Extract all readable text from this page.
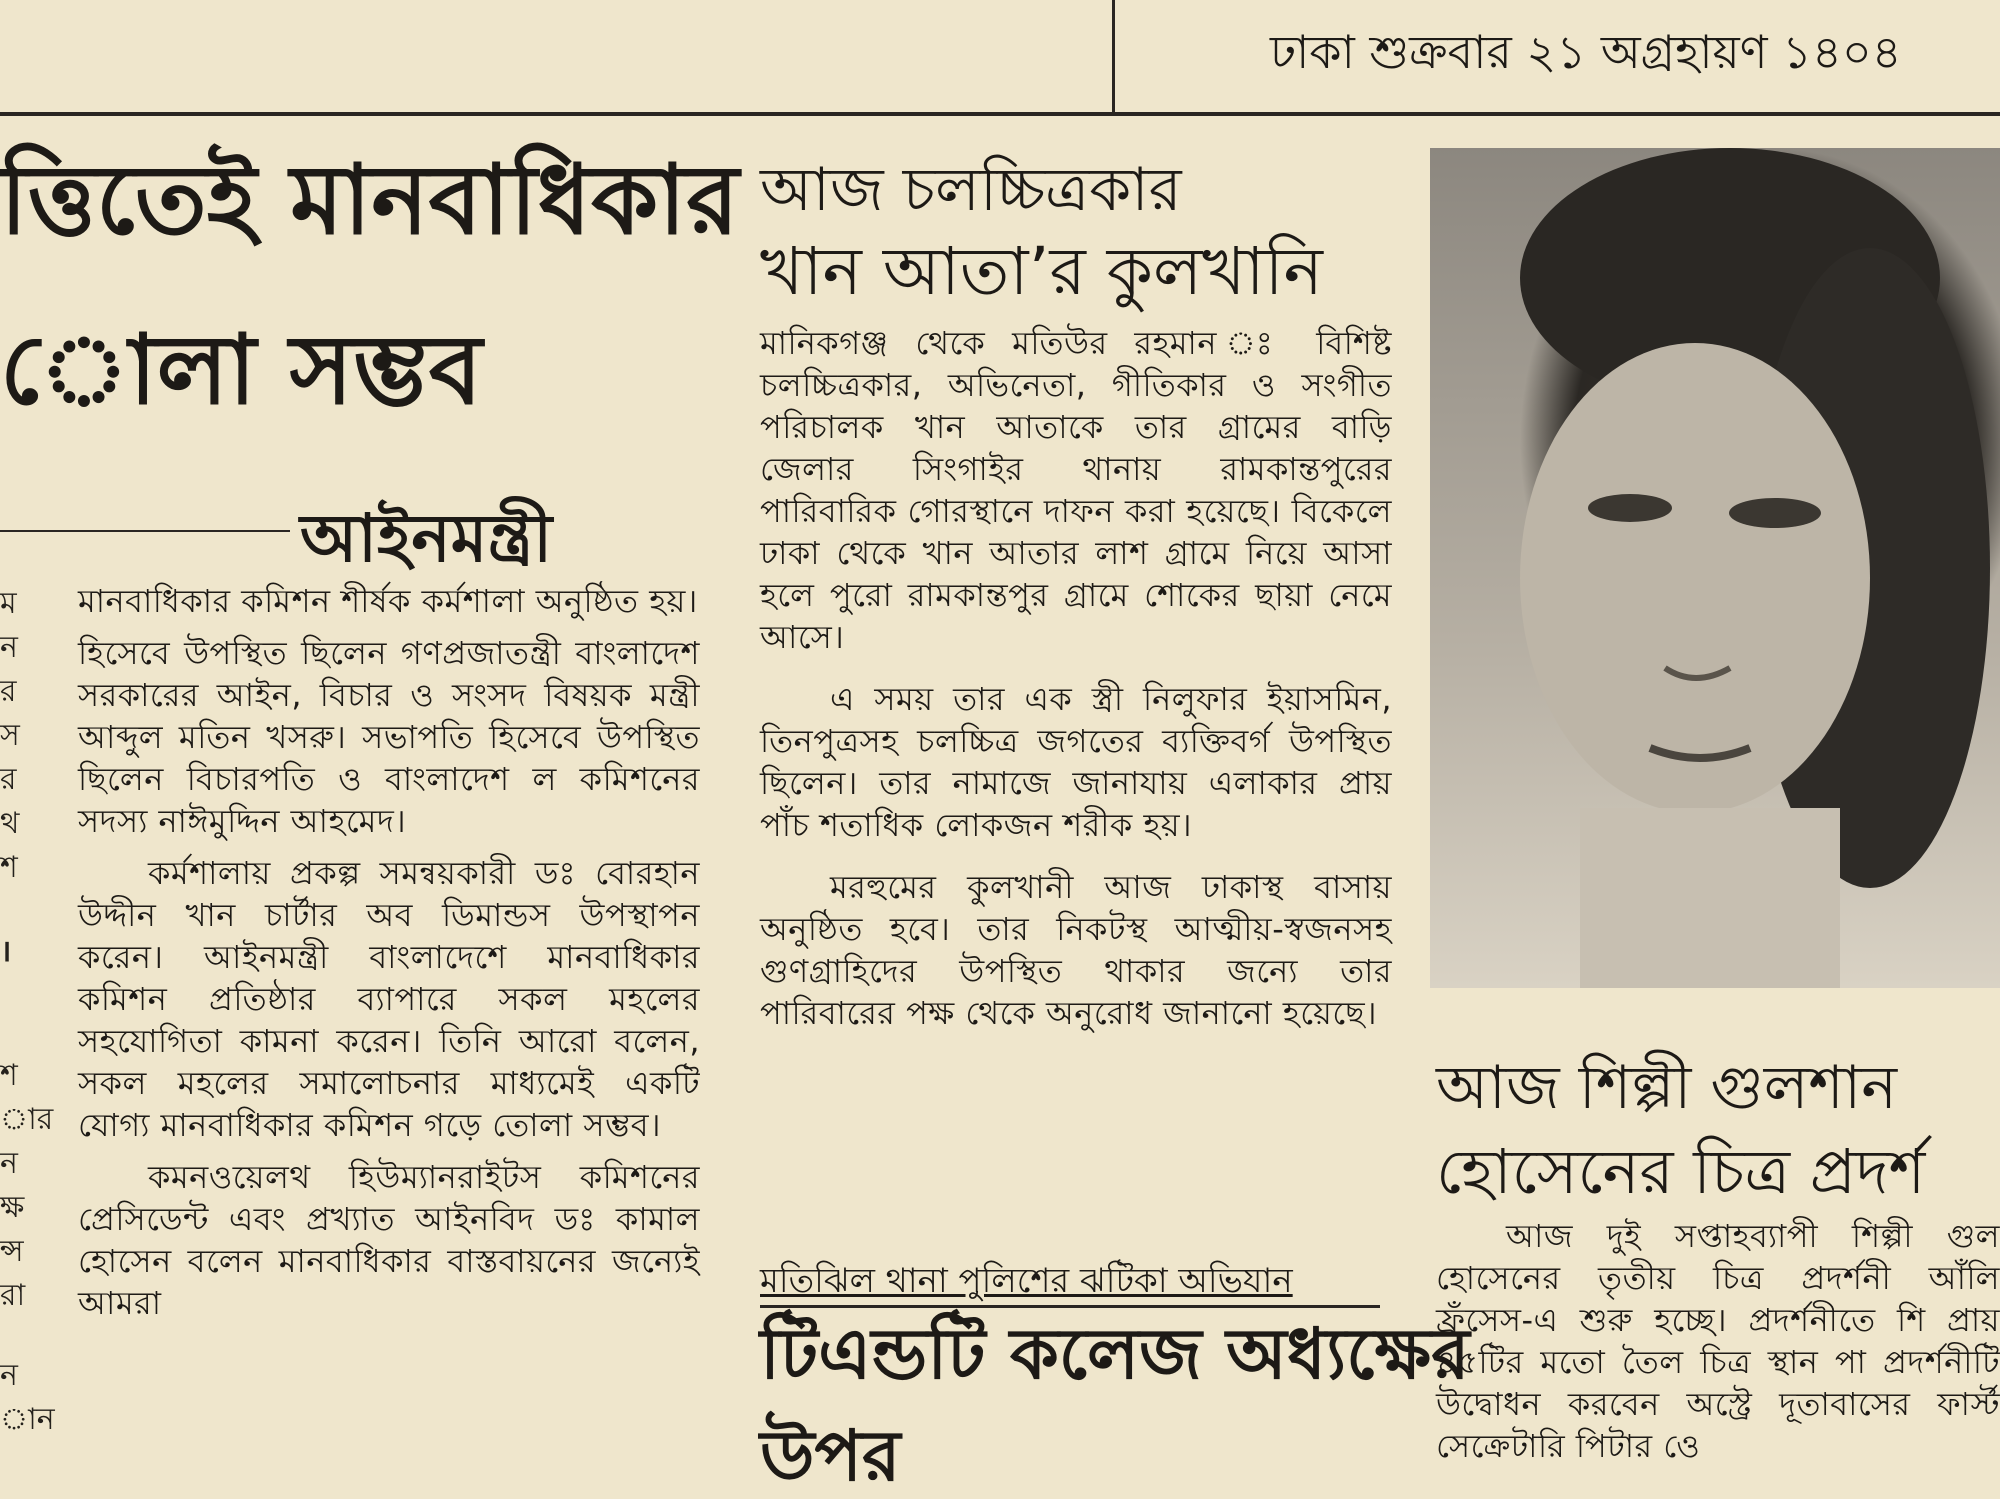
ঢাকা শুক্রবার ২১ অগ্রহায়ণ ১৪০৪
ত্তিতেই মানবাধিকার
োলা সম্ভব
আইনমন্ত্রী
ম
ন
র
স
র
থ
শ
।
শ
ার
ন
ক্ষ
ন্স
রা
ন
ান

মানবাধিকার কমিশন শীর্ষক কর্মশালা অনুষ্ঠিত হয়।

হিসেবে উপস্থিত ছিলেন গণপ্রজাতন্ত্রী বাংলাদেশ সরকারের আইন, বিচার ও সংসদ বিষয়ক মন্ত্রী আব্দুল মতিন খসরু। সভাপতি হিসেবে উপস্থিত ছিলেন বিচারপতি ও বাংলাদেশ ল কমিশনের সদস্য নাঈমুদ্দিন আহমেদ।

কর্মশালায় প্রকল্প সমন্বয়কারী ডঃ বোরহান উদ্দীন খান চার্টার অব ডিমান্ডস উপস্থাপন করেন। আইনমন্ত্রী বাংলাদেশে মানবাধিকার কমিশন প্রতিষ্ঠার ব্যাপারে সকল মহলের সহযোগিতা কামনা করেন। তিনি আরো বলেন, সকল মহলের সমালোচনার মাধ্যমেই একটি যোগ্য মানবাধিকার কমিশন গড়ে তোলা সম্ভব।

কমনওয়েলথ হিউম্যানরাইটস কমিশনের প্রেসিডেন্ট এবং প্রখ্যাত আইনবিদ ডঃ কামাল হোসেন বলেন মানবাধিকার বাস্তবায়নের জন্যেই আমরা

আজ চলচ্চিত্রকার
খান আতা’র কুলখানি

মানিকগঞ্জ থেকে মতিউর রহমান ঃ বিশিষ্ট চলচ্চিত্রকার, অভিনেতা, গীতিকার ও সংগীত পরিচালক খান আতাকে তার গ্রামের বাড়ি জেলার সিংগাইর থানায় রামকান্তপুরের পারিবারিক গোরস্থানে দাফন করা হয়েছে। বিকেলে ঢাকা থেকে খান আতার লাশ গ্রামে নিয়ে আসা হলে পুরো রামকান্তপুর গ্রামে শোকের ছায়া নেমে আসে।

এ সময় তার এক স্ত্রী নিলুফার ইয়াসমিন, তিনপুত্রসহ চলচ্চিত্র জগতের ব্যক্তিবর্গ উপস্থিত ছিলেন। তার নামাজে জানাযায় এলাকার প্রায় পাঁচ শতাধিক লোকজন শরীক হয়।

মরহুমের কুলখানী আজ ঢাকাস্থ বাসায় অনুষ্ঠিত হবে। তার নিকটস্থ আত্মীয়-স্বজনসহ গুণগ্রাহিদের উপস্থিত থাকার জন্যে তার পারিবারের পক্ষ থেকে অনুরোধ জানানো হয়েছে।

মতিঝিল থানা পুলিশের ঝটিকা অভিযান
টিএন্ডটি কলেজ অধ্যক্ষের
উপর
আজ শিল্পী গুলশান
হোসেনের চিত্র প্রদর্শ

আজ দুই সপ্তাহব্যাপী শিল্পী গুল হোসেনের তৃতীয় চিত্র প্রদর্শনী আঁলি ফ্রঁসেস-এ শুরু হচ্ছে। প্রদর্শনীতে শি প্রায় ৪৫টির মতো তৈল চিত্র স্থান পা প্রদর্শনীটি উদ্বোধন করবেন অস্ট্রে দূতাবাসের ফার্স্ট সেক্রেটারি পিটার ওে
